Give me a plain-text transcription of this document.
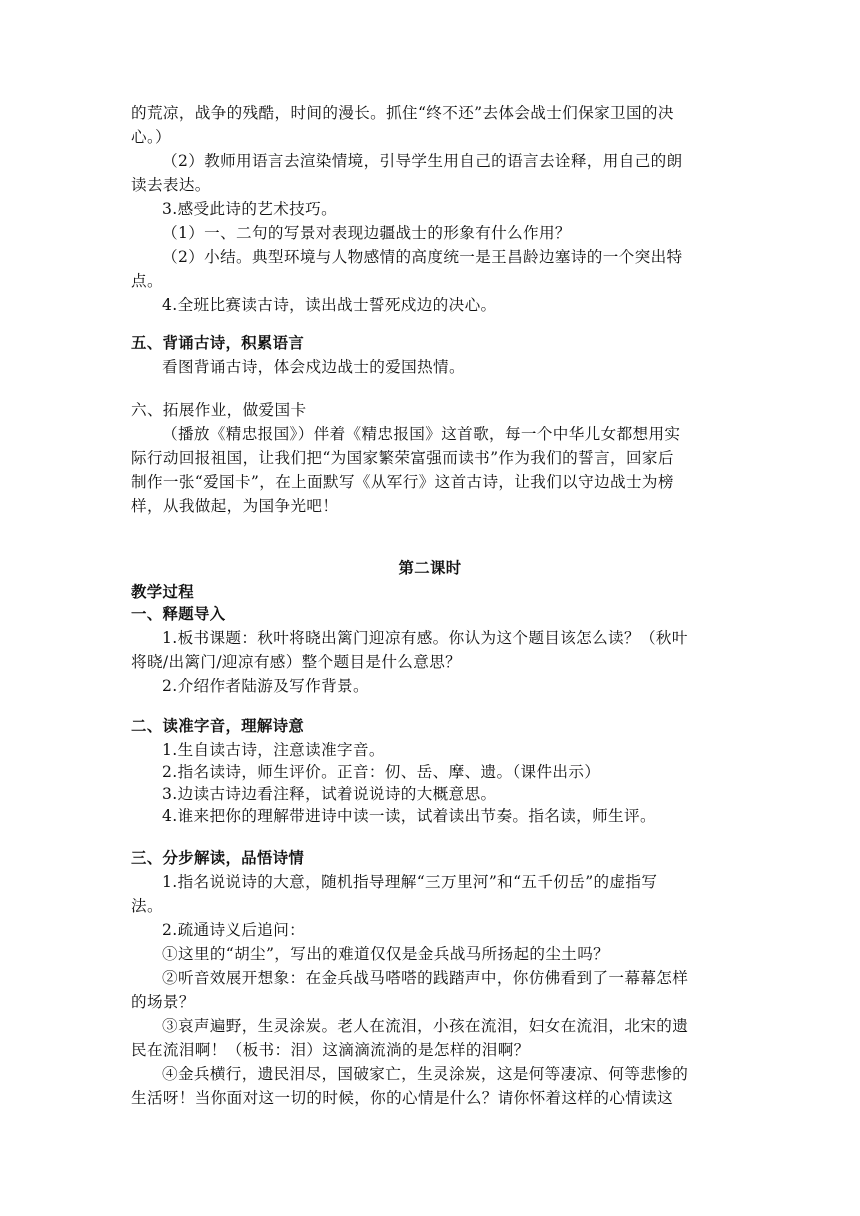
的荒凉，战争的残酷，时间的漫长。抓住“终不还”去体会战士们保家卫国的决
心。）
（2）教师用语言去渲染情境，引导学生用自己的语言去诠释，用自己的朗
读去表达。
3.感受此诗的艺术技巧。
（1）一、二句的写景对表现边疆战士的形象有什么作用？
（2）小结。典型环境与人物感情的高度统一是王昌龄边塞诗的一个突出特
点。
4.全班比赛读古诗，读出战士誓死戍边的决心。
五、背诵古诗，积累语言
看图背诵古诗，体会戍边战士的爱国热情。
六、拓展作业，做爱国卡
（播放《精忠报国》）伴着《精忠报国》这首歌，每一个中华儿女都想用实
际行动回报祖国，让我们把“为国家繁荣富强而读书”作为我们的誓言，回家后
制作一张“爱国卡”，在上面默写《从军行》这首古诗，让我们以守边战士为榜
样，从我做起，为国争光吧！
第二课时
教学过程
一、释题导入
1.板书课题：秋叶将晓出篱门迎凉有感。你认为这个题目该怎么读？（秋叶
将晓/出篱门/迎凉有感）整个题目是什么意思？
2.介绍作者陆游及写作背景。
二、读准字音，理解诗意
1.生自读古诗，注意读准字音。
2.指名读诗，师生评价。正音：仞、岳、摩、遗。（课件出示）
3.边读古诗边看注释，试着说说诗的大概意思。
4.谁来把你的理解带进诗中读一读，试着读出节奏。指名读，师生评。
三、分步解读，品悟诗情
1.指名说说诗的大意，随机指导理解“三万里河”和“五千仞岳”的虚指写
法。
2.疏通诗义后追问：
①这里的“胡尘”，写出的难道仅仅是金兵战马所扬起的尘土吗？
②听音效展开想象：在金兵战马嗒嗒的践踏声中，你仿佛看到了一幕幕怎样
的场景？
③哀声遍野，生灵涂炭。老人在流泪，小孩在流泪，妇女在流泪，北宋的遗
民在流泪啊！（板书：泪）这滴滴流淌的是怎样的泪啊？
④金兵横行，遗民泪尽，国破家亡，生灵涂炭，这是何等凄凉、何等悲惨的
生活呀！当你面对这一切的时候，你的心情是什么？请你怀着这样的心情读这
